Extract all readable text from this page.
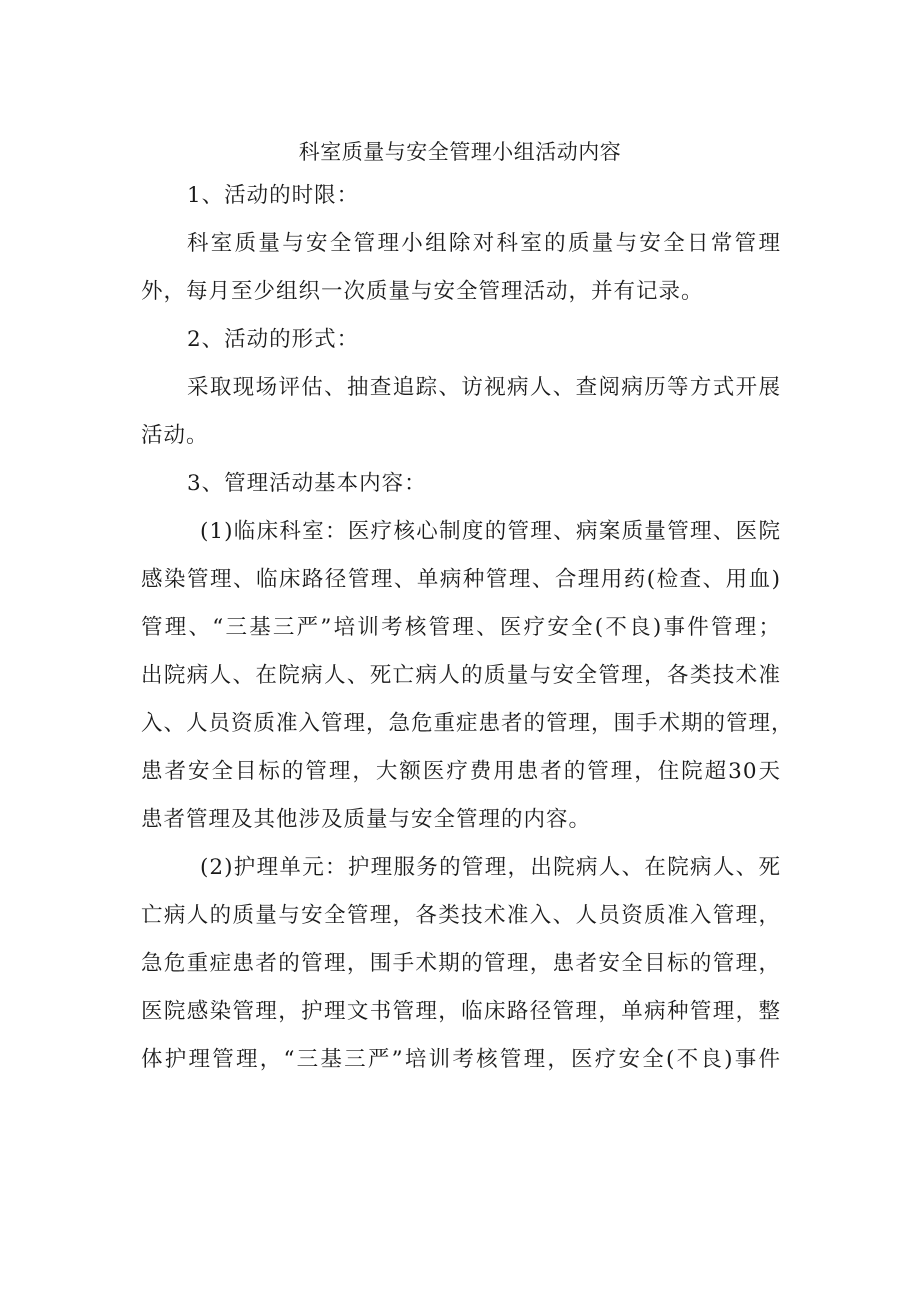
科室质量与安全管理小组活动内容

1、活动的时限：

科室质量与安全管理小组除对科室的质量与安全日常管理

外，每月至少组织一次质量与安全管理活动，并有记录。

2、活动的形式：

采取现场评估、抽查追踪、访视病人、查阅病历等方式开展

活动。

3、管理活动基本内容：

(1)临床科室：医疗核心制度的管理、病案质量管理、医院

感染管理、临床路径管理、单病种管理、合理用药(检查、用血)

管理、“三基三严”培训考核管理、医疗安全(不良)事件管理；

出院病人、在院病人、死亡病人的质量与安全管理，各类技术准

入、人员资质准入管理，急危重症患者的管理，围手术期的管理，

患者安全目标的管理，大额医疗费用患者的管理，住院超30天

患者管理及其他涉及质量与安全管理的内容。

(2)护理单元：护理服务的管理，出院病人、在院病人、死

亡病人的质量与安全管理，各类技术准入、人员资质准入管理，

急危重症患者的管理，围手术期的管理，患者安全目标的管理，

医院感染管理，护理文书管理，临床路径管理，单病种管理，整

体护理管理，“三基三严”培训考核管理，医疗安全(不良)事件
